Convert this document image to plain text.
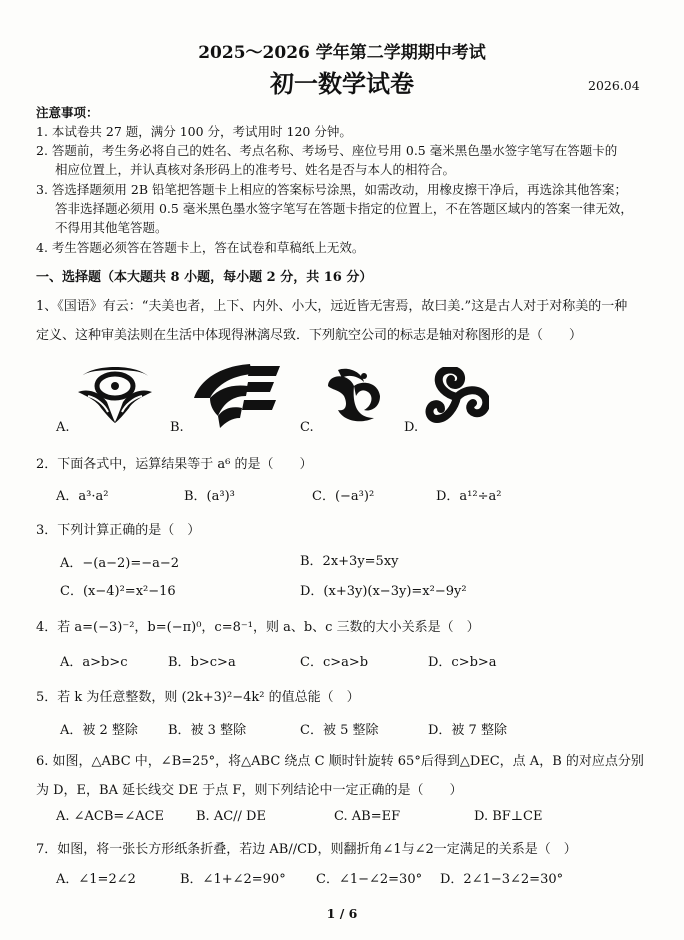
2025～2026 学年第二学期期中考试
初一数学试卷	2026.04
注意事项：
1. 本试卷共 27 题，满分 100 分，考试用时 120 分钟。
2. 答题前，考生务必将自己的姓名、考点名称、考场号、座位号用 0.5 毫米黑色墨水签字笔写在答题卡的
相应位置上，并认真核对条形码上的准考号、姓名是否与本人的相符合。
3. 答选择题须用 2B 铅笔把答题卡上相应的答案标号涂黑，如需改动，用橡皮擦干净后，再选涂其他答案；
答非选择题必须用 0.5 毫米黑色墨水签字笔写在答题卡指定的位置上，不在答题区域内的答案一律无效，
不得用其他笔答题。
4. 考生答题必须答在答题卡上，答在试卷和草稿纸上无效。
一、选择题（本大题共 8 小题，每小题 2 分，共 16 分）
1、《国语》有云：“夫美也者，上下、内外、小大，远近皆无害焉，故曰美.”这是古人对于对称美的一种
定义、这种审美法则在生活中体现得淋漓尽致．下列航空公司的标志是轴对称图形的是（　　）
A.	B.	C.	D.
2．下面各式中，运算结果等于 a⁶ 的是（　　）
A．a³·a²	B．(a³)³	C．(−a³)²	D．a¹²÷a²
3．下列计算正确的是（　）
A．−(a−2)=−a−2	B．2x+3y=5xy
C．(x−4)²=x²−16	D．(x+3y)(x−3y)=x²−9y²
4．若 a=(−3)⁻²，b=(−π)⁰，c=8⁻¹，则 a、b、c 三数的大小关系是（　）
A．a>b>c	B．b>c>a	C．c>a>b	D．c>b>a
5．若 k 为任意整数，则 (2k+3)²−4k² 的值总能（　）
A．被 2 整除 B．被 3 整除	C．被 5 整除	D．被 7 整除
6. 如图，△ABC 中，∠B=25°，将△ABC 绕点 C 顺时针旋转 65°后得到△DEC，点 A，B 的对应点分别
为 D，E，BA 延长线交 DE 于点 F，则下列结论中一定正确的是（　　）
A. ∠ACB=∠ACE B. AC// DE	C. AB=EF	D. BF⊥CE
7．如图，将一张长方形纸条折叠，若边 AB//CD，则翻折角∠1与∠2一定满足的关系是（　）
A．∠1=2∠2	B．∠1+∠2=90° C．∠1−∠2=30° D．2∠1−3∠2=30°
1 / 6
